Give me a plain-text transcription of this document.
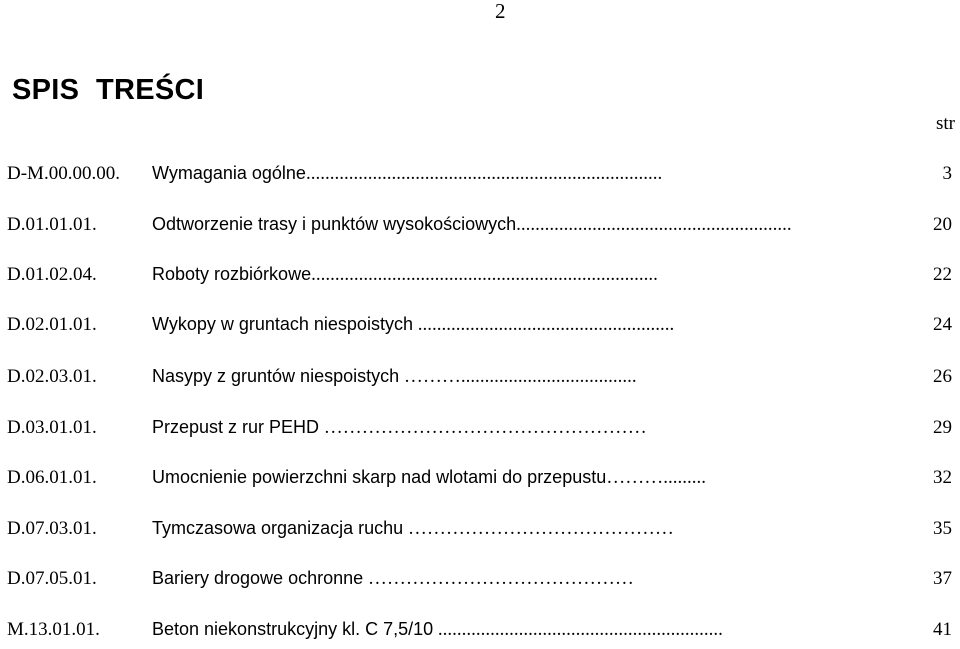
2
SPIS  TREŚCI
str
D-M.00.00.00. Wymagania ogólne...........................................................................	3
D.01.01.01.	Odtworzenie trasy i punktów wysokościowych..........................................................	20
D.01.02.04.	Roboty rozbiórkowe.........................................................................	22
D.02.01.01.	Wykopy w gruntach niespoistych ......................................................	24
D.02.03.01.	Nasypy z gruntów niespoistych ……….....................................	26
D.03.01.01.	Przepust z rur PEHD ……………………………………………	29
D.06.01.01.	Umocnienie powierzchni skarp nad wlotami do przepustu……….........	32
D.07.03.01.	Tymczasowa organizacja ruchu ……………………………………	35
D.07.05.01.	Bariery drogowe ochronne ……………………………………	37
M.13.01.01.	Beton niekonstrukcyjny kl. C 7,5/10 ............................................................	41
